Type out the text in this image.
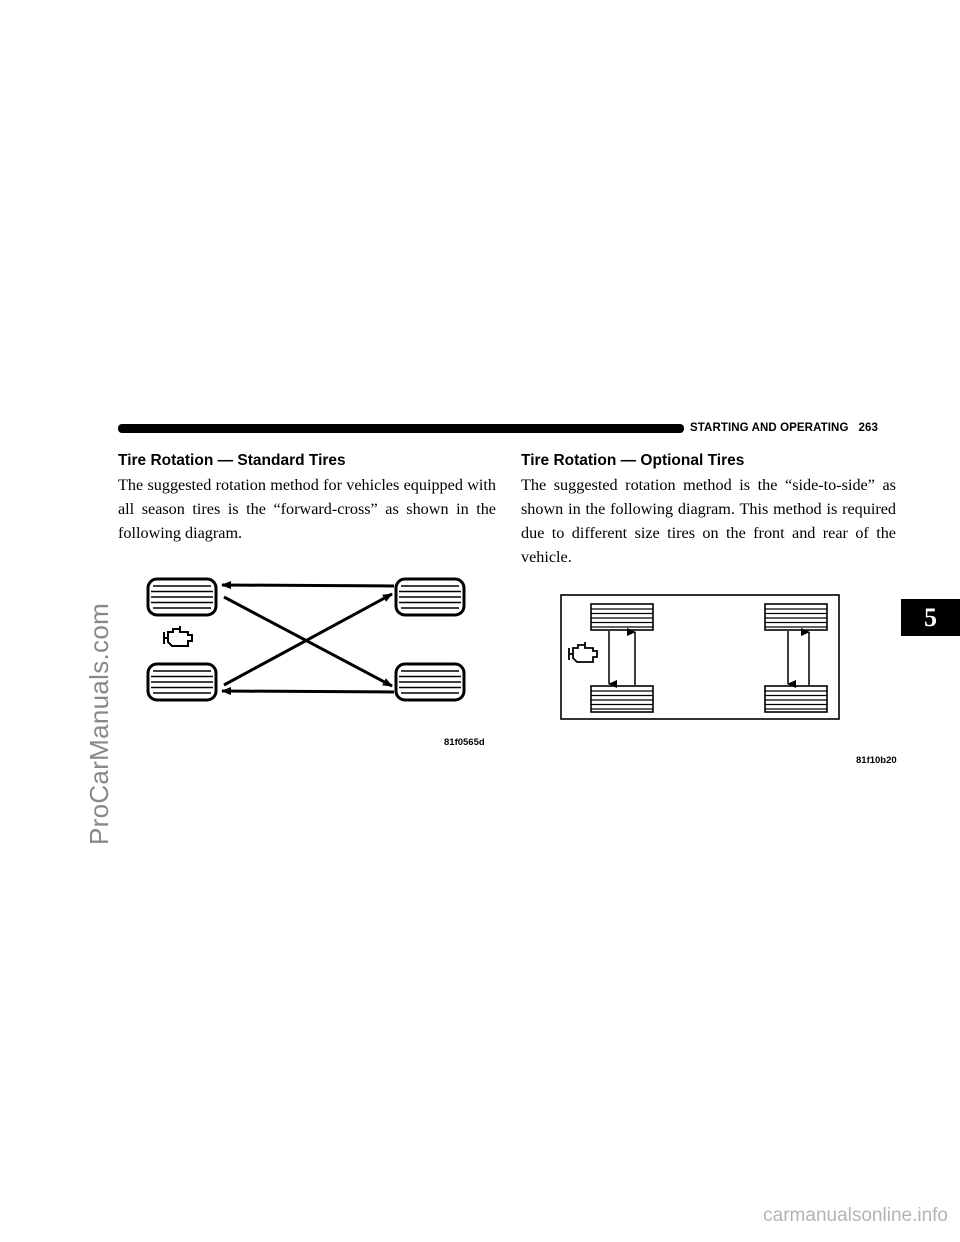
STARTING AND OPERATING 263
ProCarManuals.com	5
Tire Rotation — Standard Tires

The suggested rotation method for vehicles equipped with all season tires is the “forward-cross” as shown in the following diagram.

81f0565d
Tire Rotation — Optional Tires

The suggested rotation method is the “side-to-side” as shown in the following diagram. This method is required due to different size tires on the front and rear of the vehicle.

81f10b20
carmanualsonline.info
